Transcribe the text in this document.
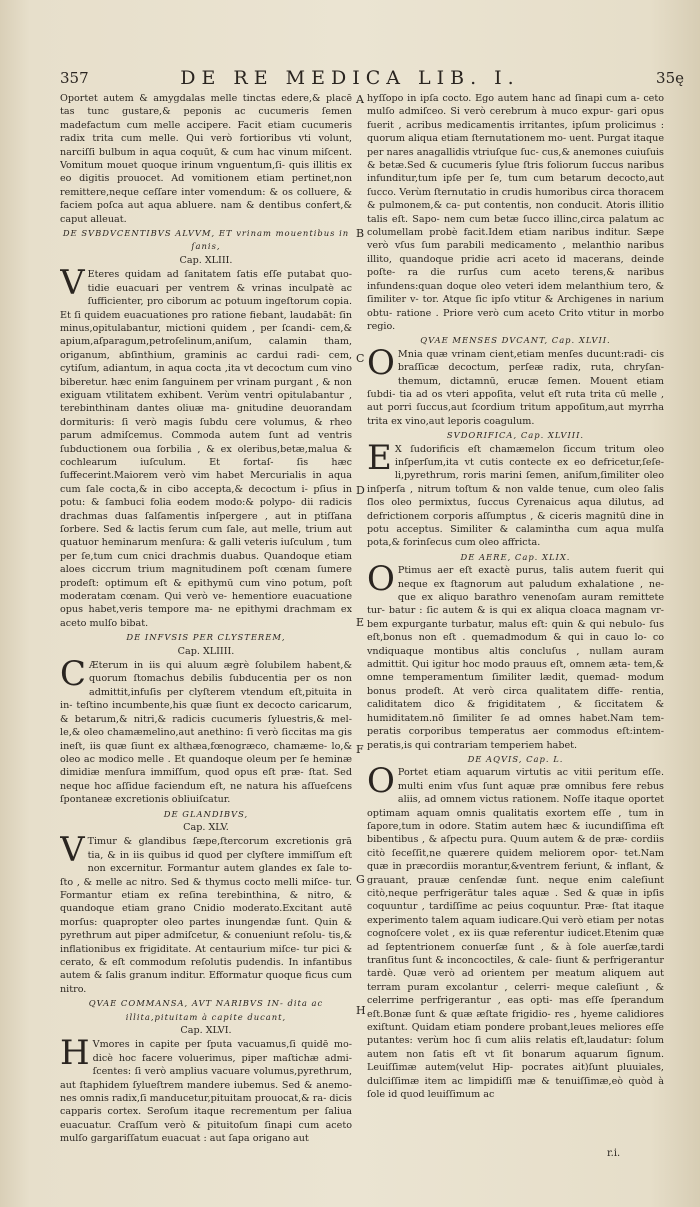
357	DE RE MEDICA LIB. I.	35ę
A
B
C
D
E
F
G
H

Oportet autem & amygdalas melle tinctas edere,& placē tas tunc gustare,& peponis ac cucumeris ſemen madefactum cum melle accipere. Facit etiam cucumeris radix trita cum melle. Qui verò fortioribus vti volunt, narciſſi bulbum in aqua coquūt, & cum hac vinum miſcent. Vomitum mouet quoque irinum vnguentum,ſi- quis illitis ex eo digitis prouocet. Ad vomitionem etiam pertinet,non remittere,neque ceſſare inter vomendum: & os colluere, & faciem poſca aut aqua abluere. nam & dentibus confert,& caput alleuat.

DE SVBDVCENTIBVS ALVVM, ET vrinam mouentibus in ſanis,

Cap. XLIII.

V Eteres quidam ad ſanitatem ſatis eſſe putabat quo- tidie euacuari per ventrem & vrinas inculpatè ac ſufficienter, pro ciborum ac potuum ingeſtorum copia. Et ſi quidem euacuationes pro ratione fiebant, laudabāt: ſin minus,opitulabantur, mictioni quidem , per ſcandi- cem,& apium,aſparagum,petroſelinum,aniſum, calamin tham, origanum, abſinthium, graminis ac cardui radi- cem, cytiſum, adiantum, in aqua cocta ,ita vt decoctum cum vino biberetur. hæc enim ſanguinem per vrinam purgant , & non exiguam vtilitatem exhibent. Verùm ventri opitulabantur , terebinthinam dantes oliuæ ma- gnitudine deuorandam dormituris: ſi verò magis ſubdu cere volumus, & rheo parum admiſcemus. Commoda autem ſunt ad ventris ſubductionem oua ſorbilia , & ex oleribus,betæ,malua & cochlearum iuſculum. Et fortaſ- ſis hæc ſuffecerint.Maiorem verò vim habet Mercurialis in aqua cum ſale cocta,& in cibo accepta,& decoctum i- pſius in potu: & ſambuci folia eodem modo:& polypo- dii radicis drachmas duas ſalſamentis inſpergere , aut in ptiſſana ſorbere. Sed & lactis ſerum cum ſale, aut melle, trium aut quatuor heminarum menſura: & galli veteris iuſculum , tum per ſe,tum cum cnici drachmis duabus. Quandoque etiam aloes ciccrum trium magnitudinem poſt cœnam ſumere prodeſt: optimum eſt & epithymū cum vino potum, poſt moderatam cœnam. Qui verò ve- hementiore euacuatione opus habet,veris tempore ma- ne epithymi drachmam ex aceto mulſo bibat.

DE INFVSIS PER CLYSTEREM,

Cap. XLIIII.

C Æterum in iis qui aluum ægrè ſolubilem habent,& quorum ſtomachus debilis ſubducentia per os non admittit,infuſis per clyſterem vtendum eſt,pituita in in- teſtino incumbente,his quæ ſiunt ex decocto caricarum, & betarum,& nitri,& radicis cucumeris ſyluestris,& mel- le,& oleo chamæmelino,aut anethino: ſi verò ſiccitas ma gis ineſt, iis quæ ſiunt ex althæa,fœnogræco, chamæme- lo,& oleo ac modico melle . Et quandoque oleum per ſe heminæ dimidiæ menſura immiſſum, quod opus eſt præ- ſtat. Sed neque hoc aſſidue faciendum eſt, ne natura his aſſueſcens ſpontaneæ excretionis obliuiſcatur.

DE GLANDIBVS,

Cap. XLV.

V Timur & glandibus ſæpe,ſtercorum excretionis grā tia, & in iis quibus id quod per clyſtere immiſſum eſt non excernitur. Formantur autem glandes ex ſale to- ſto , & melle ac nitro. Sed & thymus cocto melli miſce- tur. Formantur etiam ex reſina terebinthina, & nitro, & quandoque etiam grano Cnidio moderato.Excitant autē morſus: quapropter oleo partes inungendæ ſunt. Quin & pyrethrum aut piper admiſcetur, & conueniunt reſolu- tis,& inflationibus ex frigiditate. At centaurium miſce- tur pici & cerato, & eſt commodum reſolutis pudendis. In infantibus autem & ſalis granum inditur. Efformatur quoque ficus cum nitro.

QVAE COMMANSA, AVT NARIBVS IN- dita ac illita,pituitam à capite ducant,

Cap. XLVI.

H Vmores in capite per ſputa vacuamus,ſi quidē mo- dicè hoc facere voluerimus, piper maſtichæ admi- ſcentes: ſi verò amplius vacuare volumus,pyrethrum, aut ſtaphidem ſylueſtrem mandere iubemus. Sed & anemo- nes omnis radix,ſi manducetur,pituitam prouocat,& ra- dicis capparis cortex. Seroſum itaque recrementum per ſaliua euacuatur. Craſſum verò & pituitoſum ſinapi cum aceto mulſo gargariſſatum euacuat : aut ſapa origano aut

hyſſopo in ipſa cocto. Ego autem hanc ad ſinapi cum a- ceto mulſo admiſceo. Si verò cerebrum à muco expur- gari opus fuerit , acribus medicamentis irritantes, ipſum prolicimus : quorum aliqua etiam ſternutationem mo- uent. Purgat itaque per nares anagallidis vtriuſque ſuc- cus,& anemones cuiuſuis & betæ.Sed & cucumeris ſylue ſtris foliorum ſuccus naribus infunditur,tum ipſe per ſe, tum cum betarum decocto,aut ſucco. Verùm ſternutatio in crudis humoribus circa thoracem & pulmonem,& ca- put contentis, non conducit. Atoris illitio talis eſt. Sapo- nem cum betæ ſucco illinc,circa palatum ac columellam probè facit.Idem etiam naribus inditur. Sæpe verò vſus ſum parabili medicamento , melanthio naribus illito, quandoque pridie acri aceto id macerans, deinde poſte- ra die rurſus cum aceto terens,& naribus infundens:quan doque oleo veteri idem melanthium tero, & ſimiliter v- tor. Atque ſic ipſo vtitur & Archigenes in narium obtu- ratione . Priore verò cum aceto Crito vtitur in morbo regio.

QVAE MENSES DVCANT, Cap. XLVII.

O Mnia quæ vrinam cient,etiam menſes ducunt:radi- cis braſſicæ decoctum, perſeæ radix, ruta, chryſan- themum, dictamnū, erucæ ſemen. Mouent etiam ſubdi- tia ad os vteri appoſita, velut eſt ruta trita cū melle , aut porri ſuccus,aut ſcordium tritum appoſitum,aut myrrha trita ex vino,aut leporis coagulum.

SVDORIFICA, Cap. XLVIII.

E X ſudorificis eſt chamæmelon ſiccum tritum oleo inſperſum,ita vt cutis contecte ex eo defricetur,ſeſe- li,pyrethrum, roris marini ſemen, aniſum,ſimiliter oleo inſperſa , nitrum toſtum & non valde tenue, cum oleo ſalis ſlos oleo permixtus, ſuccus Cyrenaicus aqua dilutus, ad defrictionem corporis aſſumptus , & ciceris magnitū dine in potu acceptus. Similiter & calamintha cum aqua mulſa pota,& forinſecus cum oleo affricta.

DE AERE, Cap. XLIX.

O Ptimus aer eſt exactè purus, talis autem fuerit qui neque ex ſtagnorum aut paludum exhalatione , ne- que ex aliquo barathro venenoſam auram remittete tur- batur : ſic autem & is qui ex aliqua cloaca magnam vr- bem expurgante turbatur, malus eſt: quin & qui nebulo- ſus eſt,bonus non eſt . quemadmodum & qui in cauo lo- co vndiquaque montibus altis concluſus , nullam auram admittit. Qui igitur hoc modo prauus eſt, omnem æta- tem,& omne temperamentum ſimiliter lædit, quemad- modum bonus prodeſt. At verò circa qualitatem diffe- rentia, caliditatem dico & frigiditatem , & ſiccitatem & humiditatem.nō ſimiliter ſe ad omnes habet.Nam tem- peratis corporibus temperatus aer commodus eſt:intem- peratis,is qui contrariam temperiem habet.

DE AQVIS, Cap. L.

O Portet etiam aquarum virtutis ac vitii peritum eſſe. multi enim vſus ſunt aquæ præ omnibus fere rebus aliis, ad omnem victus rationem. Noſſe itaque oportet optimam aquam omnis qualitatis exortem eſſe , tum in ſapore,tum in odore. Statim autem hæc & iucundiſſima eſt bibentibus , & aſpectu pura. Quum autem & de præ- cordiis citò ſeceſſit,ne quærere quidem meliorem opor- tet.Nam quæ in præcordiis morantur,&ventrem feriunt, & inflant, & grauant, prauæ cenſendæ ſunt. neque enim caleſiunt citò,neque perfrigerātur tales aquæ . Sed & quæ in ipſis coquuntur , tardiſſime ac peius coquuntur. Præ- ſtat itaque experimento talem aquam iudicare.Qui verò etiam per notas cognoſcere volet , ex iis quæ referentur iudicet.Etenim quæ ad ſeptentrionem conuerſæ ſunt , & à ſole auerſæ,tardi tranſitus ſunt & inconcoctiles, & cale- ſiunt & perfrigerantur tardè. Quæ verò ad orientem per meatum aliquem aut terram puram excolantur , celerri- meque caleſiunt , & celerrime perfrigerantur , eas opti- mas eſſe ſperandum eſt.Bonæ ſunt & quæ æſtate frigidio- res , hyeme calidiores exiſtunt. Quidam etiam pondere probant,leues meliores eſſe putantes: verùm hoc ſi cum aliis relatis eſt,laudatur: ſolum autem non ſatis eſt vt ſit bonarum aquarum ſignum. Leuiſſimæ autem(velut Hip- pocrates ait)ſunt pluuiales, dulciſſimæ item ac limpidiſſi mæ & tenuiſſimæ,eò quòd à ſole id quod leuiſſimum ac

r.i.
